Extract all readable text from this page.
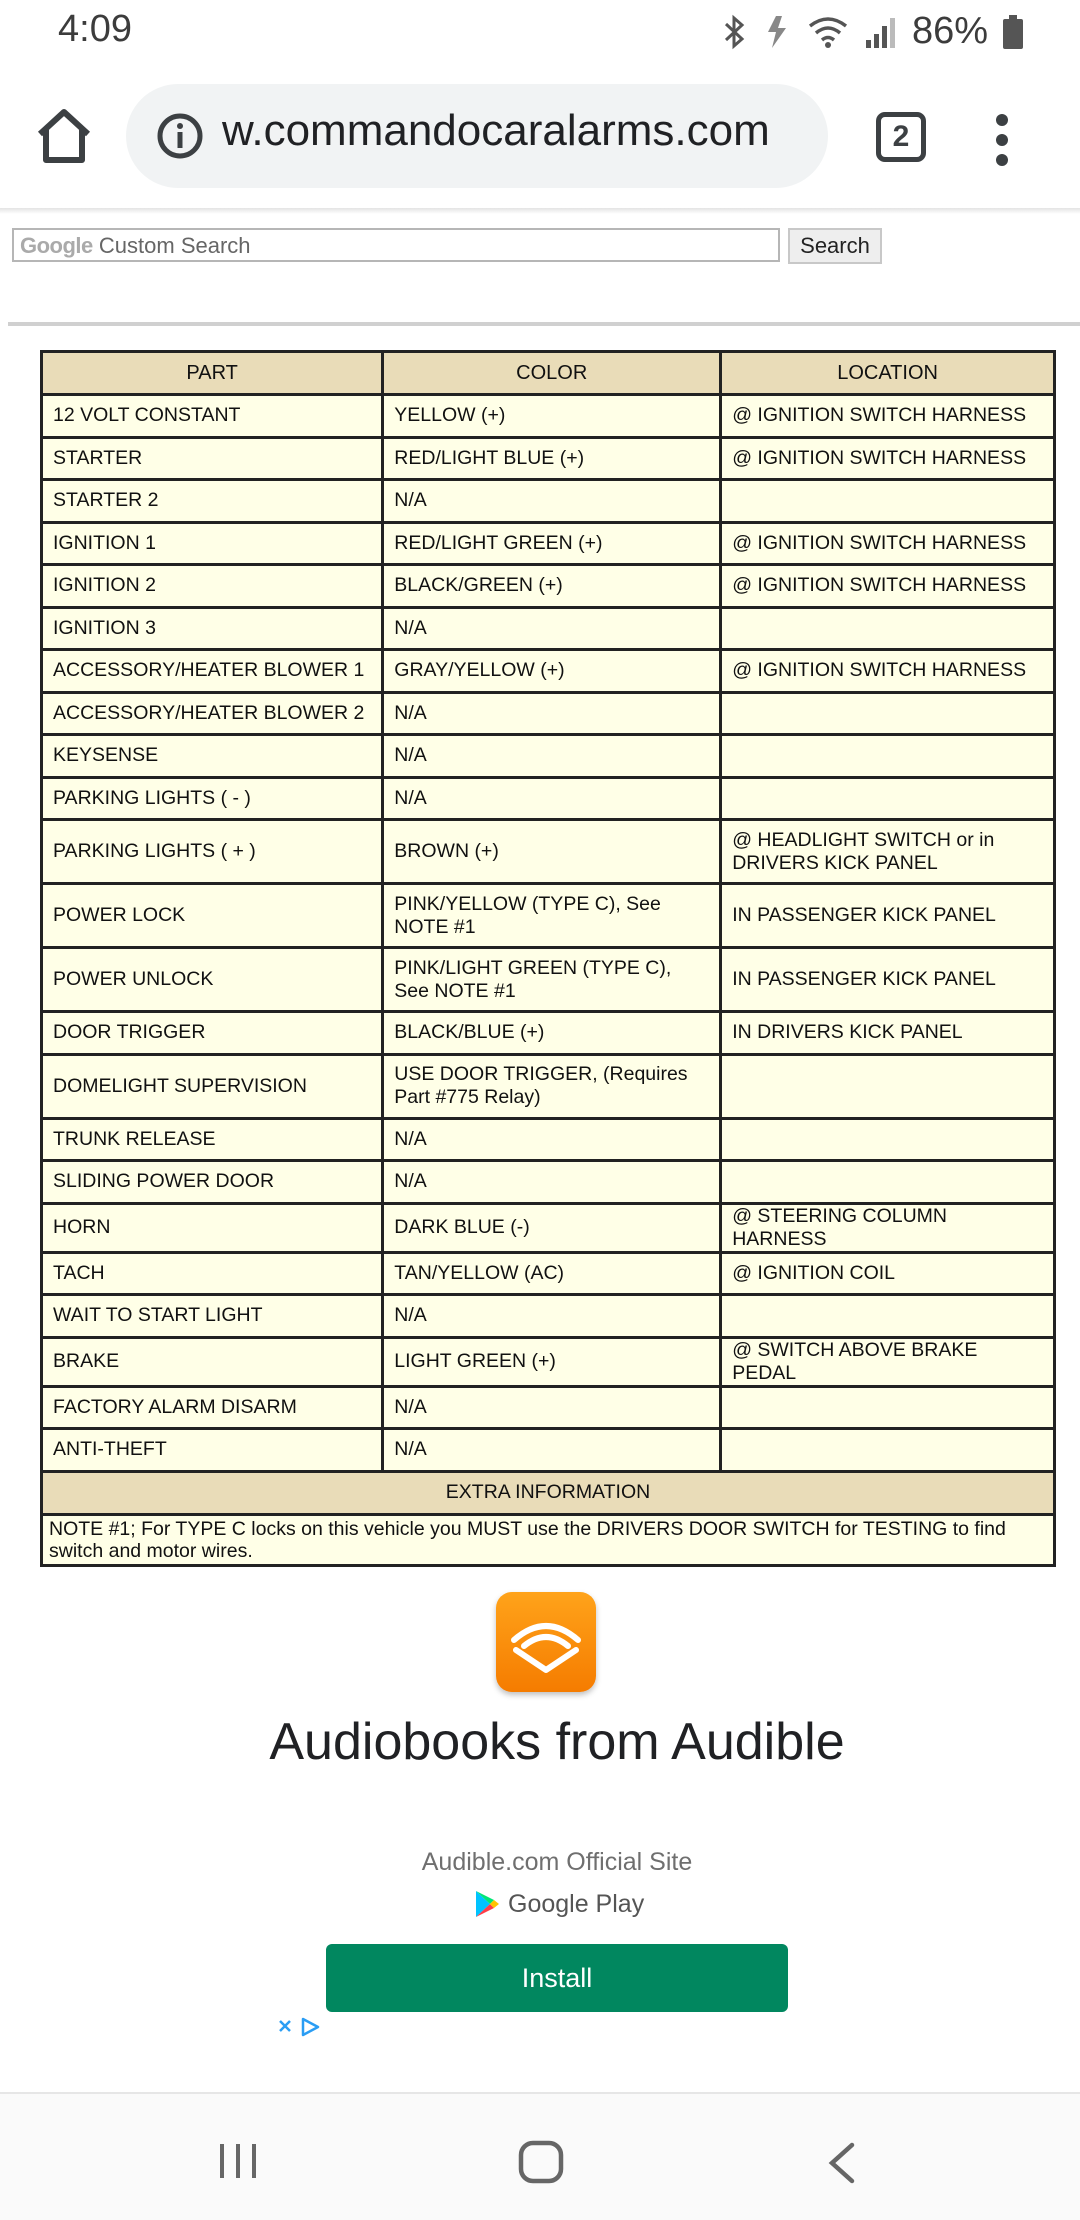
4:09	86%
w.commandocaralarms.com	2
Google Custom Search	Search
PART	COLOR	LOCATION
12 VOLT CONSTANT	YELLOW (+)	@ IGNITION SWITCH HARNESS
STARTER	RED/LIGHT BLUE (+)	@ IGNITION SWITCH HARNESS
STARTER 2	N/A	
IGNITION 1	RED/LIGHT GREEN (+)	@ IGNITION SWITCH HARNESS
IGNITION 2	BLACK/GREEN (+)	@ IGNITION SWITCH HARNESS
IGNITION 3	N/A	
ACCESSORY/HEATER BLOWER 1	GRAY/YELLOW (+)	@ IGNITION SWITCH HARNESS
ACCESSORY/HEATER BLOWER 2	N/A	
KEYSENSE	N/A	
PARKING LIGHTS ( - )	N/A	
PARKING LIGHTS ( + )	BROWN (+)	@ HEADLIGHT SWITCH or in DRIVERS KICK PANEL
POWER LOCK	PINK/YELLOW (TYPE C), See NOTE #1	IN PASSENGER KICK PANEL
POWER UNLOCK	PINK/LIGHT GREEN (TYPE C), See NOTE #1	IN PASSENGER KICK PANEL
DOOR TRIGGER	BLACK/BLUE (+)	IN DRIVERS KICK PANEL
DOMELIGHT SUPERVISION	USE DOOR TRIGGER, (Requires Part #775 Relay)	
TRUNK RELEASE	N/A	
SLIDING POWER DOOR	N/A	
HORN	DARK BLUE (-)	@ STEERING COLUMN HARNESS
TACH	TAN/YELLOW (AC)	@ IGNITION COIL
WAIT TO START LIGHT	N/A	
BRAKE	LIGHT GREEN (+)	@ SWITCH ABOVE BRAKE PEDAL
FACTORY ALARM DISARM	N/A	
ANTI-THEFT	N/A	
EXTRA INFORMATION		
NOTE #1; For TYPE C locks on this vehicle you MUST use the DRIVERS DOOR SWITCH for TESTING to find switch and motor wires.		
Audiobooks from Audible
Audible.com Official Site
Google Play
Install
